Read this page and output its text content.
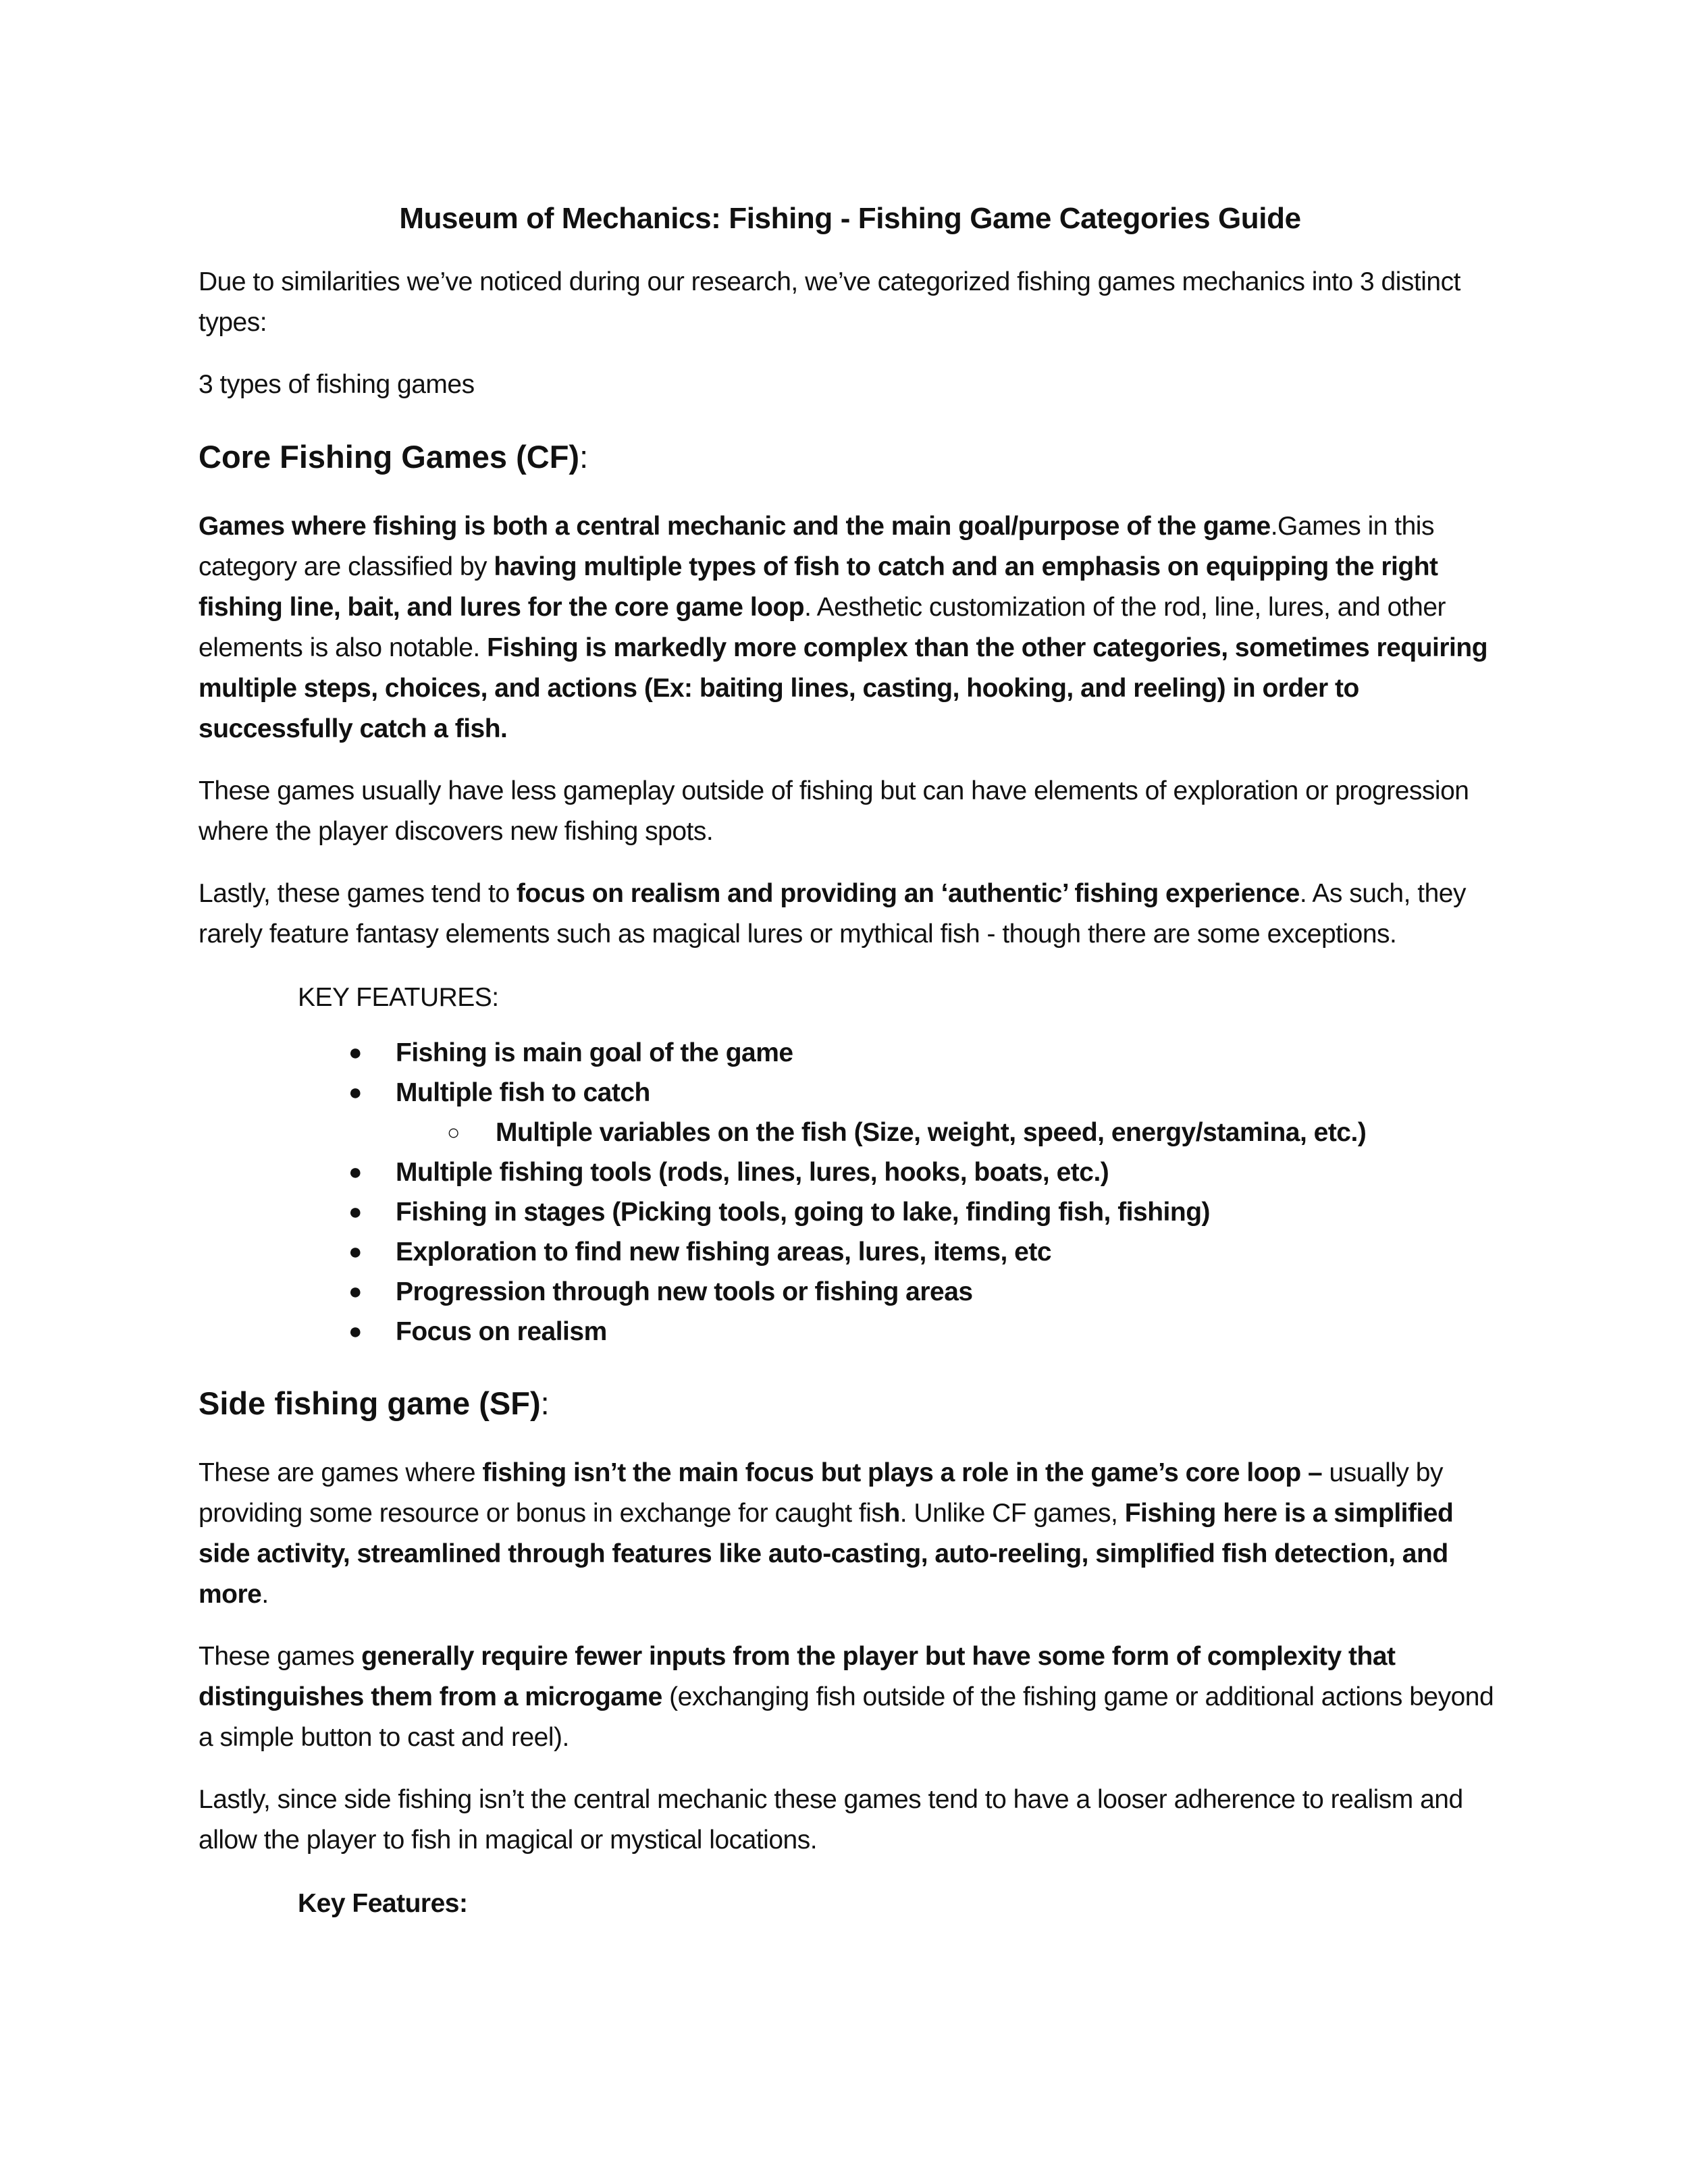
Museum of Mechanics: Fishing - Fishing Game Categories Guide

Due to similarities we’ve noticed during our research, we’ve categorized fishing games mechanics into 3 distinct types:

3 types of fishing games

Core Fishing Games (CF):

Games where fishing is both a central mechanic and the main goal/purpose of the game.Games in this category are classified by having multiple types of fish to catch and an emphasis on equipping the right fishing line, bait, and lures for the core game loop. Aesthetic customization of the rod, line, lures, and other elements is also notable. Fishing is markedly more complex than the other categories, sometimes requiring multiple steps, choices, and actions (Ex: baiting lines, casting, hooking, and reeling) in order to successfully catch a fish.

These games usually have less gameplay outside of fishing but can have elements of exploration or progression where the player discovers new fishing spots.

Lastly, these games tend to focus on realism and providing an ‘authentic’ fishing experience. As such, they rarely feature fantasy elements such as magical lures or mythical fish - though there are some exceptions.

KEY FEATURES:
● Fishing is main goal of the game
● Multiple fish to catch
○ Multiple variables on the fish (Size, weight, speed, energy/stamina, etc.)
● Multiple fishing tools (rods, lines, lures, hooks, boats, etc.)
● Fishing in stages (Picking tools, going to lake, finding fish, fishing)
● Exploration to find new fishing areas, lures, items, etc
● Progression through new tools or fishing areas
● Focus on realism
Side fishing game (SF):

These are games where fishing isn’t the main focus but plays a role in the game’s core loop – usually by providing some resource or bonus in exchange for caught fish. Unlike CF games, Fishing here is a simplified side activity, streamlined through features like auto-casting, auto-reeling, simplified fish detection, and more.

These games generally require fewer inputs from the player but have some form of complexity that distinguishes them from a microgame (exchanging fish outside of the fishing game or additional actions beyond a simple button to cast and reel).

Lastly, since side fishing isn’t the central mechanic these games tend to have a looser adherence to realism and allow the player to fish in magical or mystical locations.

Key Features:
